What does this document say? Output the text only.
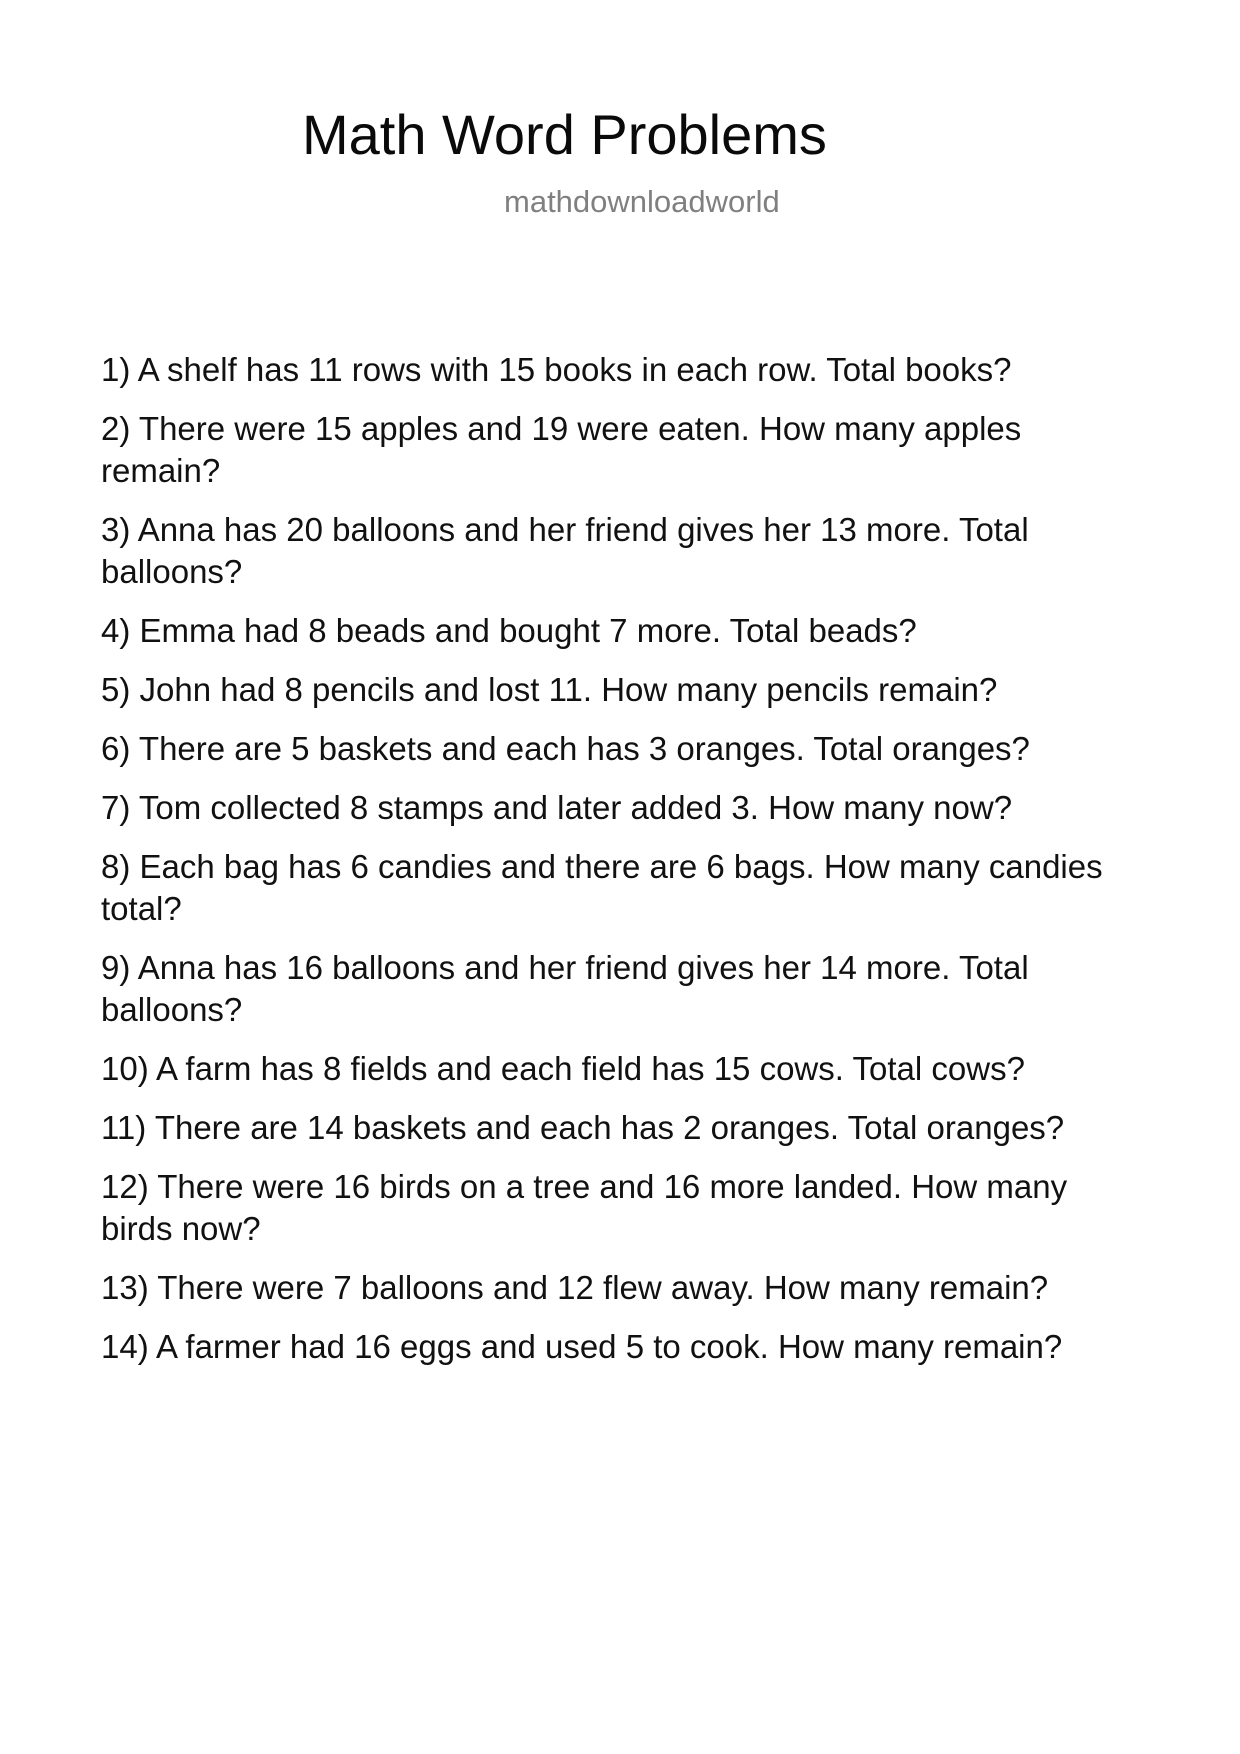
Math Word Problems
mathdownloadworld
1) A shelf has 11 rows with 15 books in each row. Total books?
2) There were 15 apples and 19 were eaten. How many apples remain?
3) Anna has 20 balloons and her friend gives her 13 more. Total balloons?
4) Emma had 8 beads and bought 7 more. Total beads?
5) John had 8 pencils and lost 11. How many pencils remain?
6) There are 5 baskets and each has 3 oranges. Total oranges?
7) Tom collected 8 stamps and later added 3. How many now?
8) Each bag has 6 candies and there are 6 bags. How many candies total?
9) Anna has 16 balloons and her friend gives her 14 more. Total balloons?
10) A farm has 8 fields and each field has 15 cows. Total cows?
11) There are 14 baskets and each has 2 oranges. Total oranges?
12) There were 16 birds on a tree and 16 more landed. How many birds now?
13) There were 7 balloons and 12 flew away. How many remain?
14) A farmer had 16 eggs and used 5 to cook. How many remain?
